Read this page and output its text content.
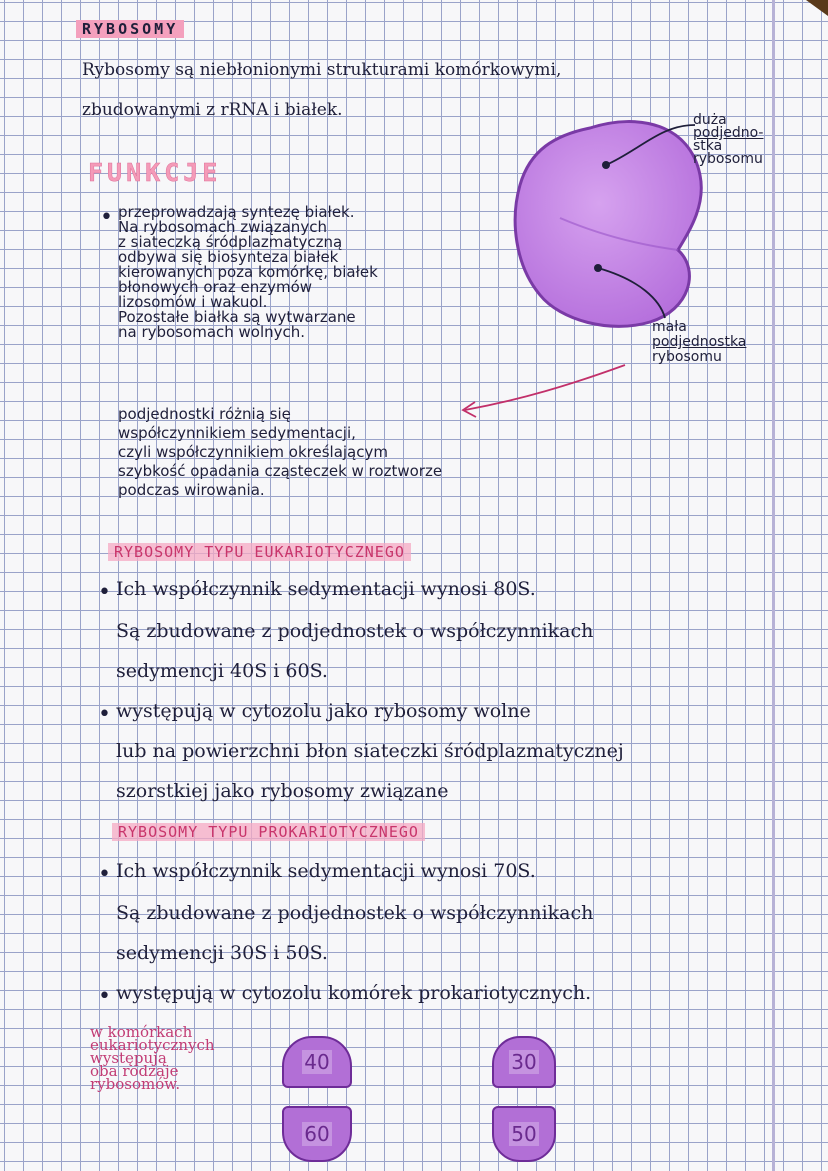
RYBOSOMY
Rybosomy są niebłonionymi strukturami komórkowymi,
zbudowanymi z rRNA i białek.
FUNKCJE
• przeprowadzają syntezę białek.
Na rybosomach związanych
z siateczką śródplazmatyczną
odbywa się biosynteza białek
kierowanych poza komórkę, białek
błonowych oraz enzymów
lizosomów i wakuol.
Pozostałe białka są wytwarzane
na rybosomach wolnych.
podjednostki różnią się
współczynnikiem sedymentacji,
czyli współczynnikiem określającym
szybkość opadania cząsteczek w roztworze
podczas wirowania.
duża
podjedno-
stka
rybosomu
mała
podjednostka
rybosomu
RYBOSOMY TYPU EUKARIOTYCZNEGO
• Ich współczynnik sedymentacji wynosi 80S.
Są zbudowane z podjednostek o współczynnikach
sedymencji 40S i 60S.
• występują w cytozolu jako rybosomy wolne
lub na powierzchni błon siateczki śródplazmatycznej
szorstkiej jako rybosomy związane
RYBOSOMY TYPU PROKARIOTYCZNEGO
• Ich współczynnik sedymentacji wynosi 70S.
Są zbudowane z podjednostek o współczynnikach
sedymencji 30S i 50S.
• występują w cytozolu komórek prokariotycznych.
w komórkach
eukariotycznych
występują
oba rodzaje
rybosomów.
40
60
30
50
